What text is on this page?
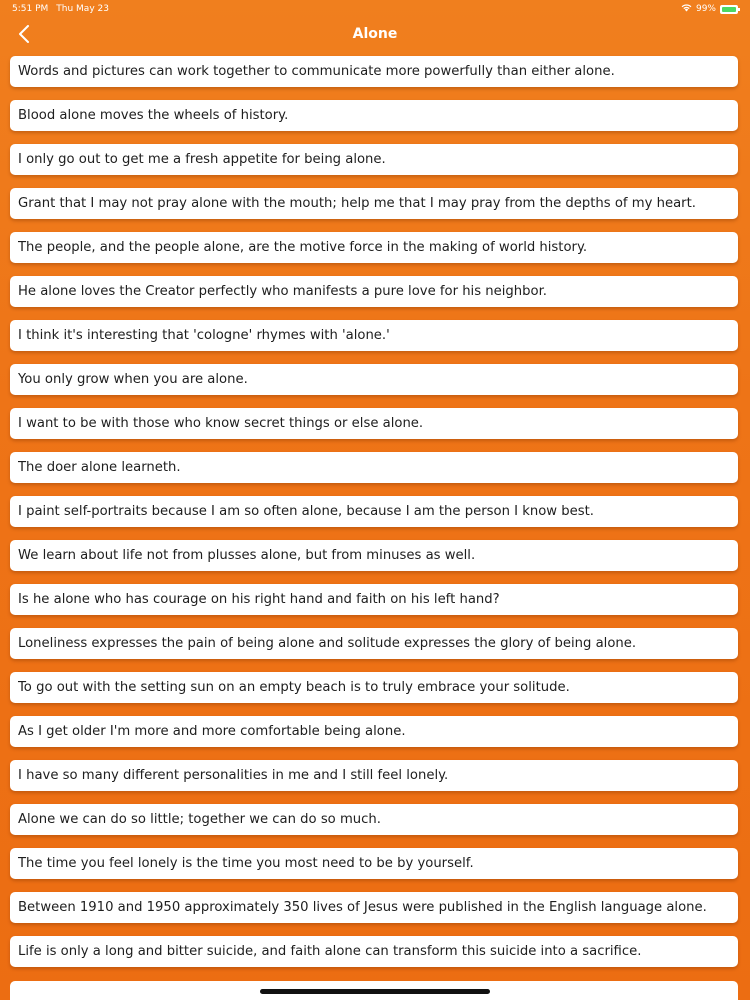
5:51 PM Thu May 23	99%
Alone
Words and pictures can work together to communicate more powerfully than either alone.
Blood alone moves the wheels of history.
I only go out to get me a fresh appetite for being alone.
Grant that I may not pray alone with the mouth; help me that I may pray from the depths of my heart.
The people, and the people alone, are the motive force in the making of world history.
He alone loves the Creator perfectly who manifests a pure love for his neighbor.
I think it's interesting that 'cologne' rhymes with 'alone.'
You only grow when you are alone.
I want to be with those who know secret things or else alone.
The doer alone learneth.
I paint self-portraits because I am so often alone, because I am the person I know best.
We learn about life not from plusses alone, but from minuses as well.
Is he alone who has courage on his right hand and faith on his left hand?
Loneliness expresses the pain of being alone and solitude expresses the glory of being alone.
To go out with the setting sun on an empty beach is to truly embrace your solitude.
As I get older I'm more and more comfortable being alone.
I have so many different personalities in me and I still feel lonely.
Alone we can do so little; together we can do so much.
The time you feel lonely is the time you most need to be by yourself.
Between 1910 and 1950 approximately 350 lives of Jesus were published in the English language alone.
Life is only a long and bitter suicide, and faith alone can transform this suicide into a sacrifice.
